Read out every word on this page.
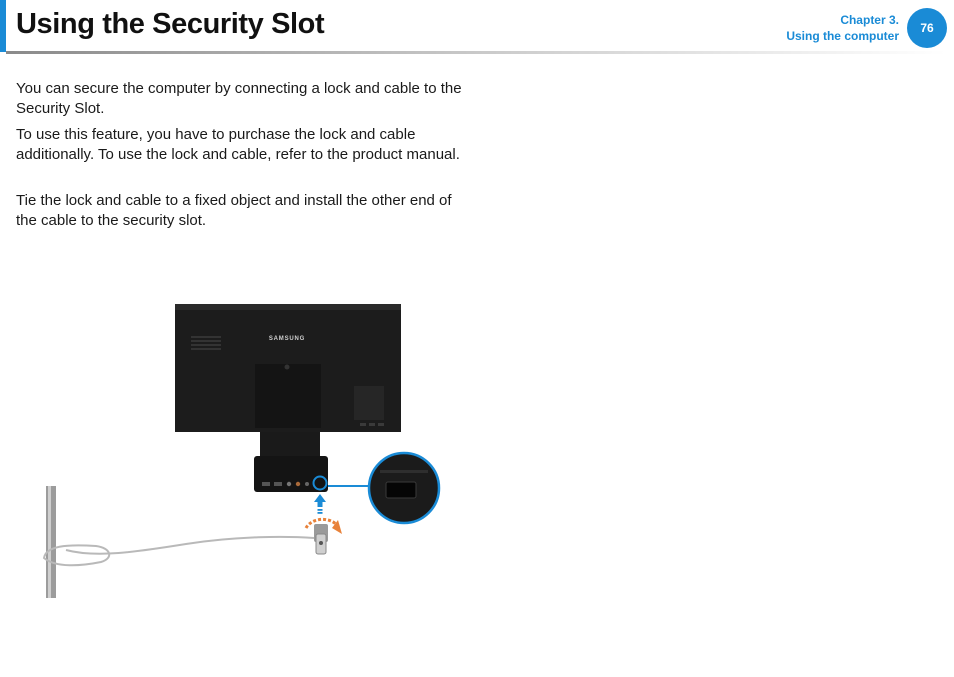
Using the Security Slot	Chapter 3.
Using the computer
76

You can secure the computer by connecting a lock and cable to the Security Slot.

To use this feature, you have to purchase the lock and cable additionally. To use the lock and cable, refer to the product manual.

Tie the lock and cable to a fixed object and install the other end of the cable to the security slot.

SAMSUNG
